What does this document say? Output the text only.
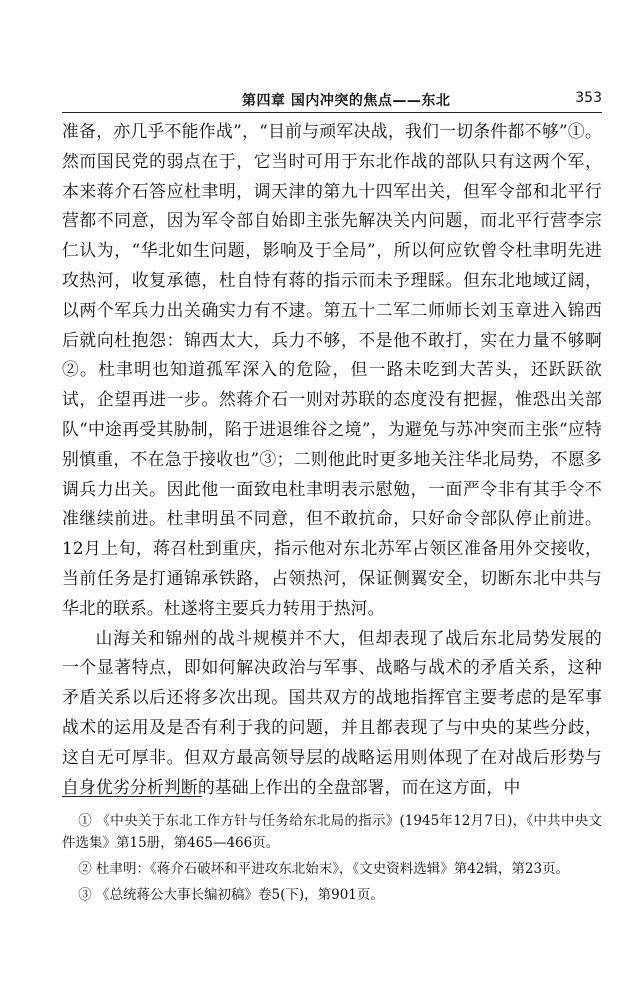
第四章 国内冲突的焦点——东北	353

准备，亦几乎不能作战”，“目前与顽军决战，我们一切条件都不够”①。然而国民党的弱点在于，它当时可用于东北作战的部队只有这两个军，本来蒋介石答应杜聿明，调天津的第九十四军出关，但军令部和北平行营都不同意，因为军令部自始即主张先解决关内问题，而北平行营李宗仁认为，“华北如生问题，影响及于全局”，所以何应钦曾令杜聿明先进攻热河，收复承德，杜自恃有蒋的指示而未予理睬。但东北地域辽阔，以两个军兵力出关确实力有不逮。第五十二军二师师长刘玉章进入锦西后就向杜抱怨：锦西太大，兵力不够，不是他不敢打，实在力量不够啊②。杜聿明也知道孤军深入的危险，但一路未吃到大苦头，还跃跃欲试，企望再进一步。然蒋介石一则对苏联的态度没有把握，惟恐出关部队“中途再受其胁制，陷于进退维谷之境”，为避免与苏冲突而主张“应特别慎重，不在急于接收也”③；二则他此时更多地关注华北局势，不愿多调兵力出关。因此他一面致电杜聿明表示慰勉，一面严令非有其手令不准继续前进。杜聿明虽不同意，但不敢抗命，只好命令部队停止前进。12月上旬，蒋召杜到重庆，指示他对东北苏军占领区准备用外交接收，当前任务是打通锦承铁路，占领热河，保证侧翼安全，切断东北中共与华北的联系。杜遂将主要兵力转用于热河。

山海关和锦州的战斗规模并不大，但却表现了战后东北局势发展的一个显著特点，即如何解决政治与军事、战略与战术的矛盾关系，这种矛盾关系以后还将多次出现。国共双方的战地指挥官主要考虑的是军事战术的运用及是否有利于我的问题，并且都表现了与中央的某些分歧，这自无可厚非。但双方最高领导层的战略运用则体现了在对战后形势与自身优劣分析判断的基础上作出的全盘部署，而在这方面，中

① 《中央关于东北工作方针与任务给东北局的指示》(1945年12月7日)，《中共中央文件选集》第15册，第465—466页。

② 杜聿明：《蒋介石破坏和平进攻东北始末》，《文史资料选辑》第42辑，第23页。

③ 《总统蒋公大事长编初稿》卷5(下)，第901页。
